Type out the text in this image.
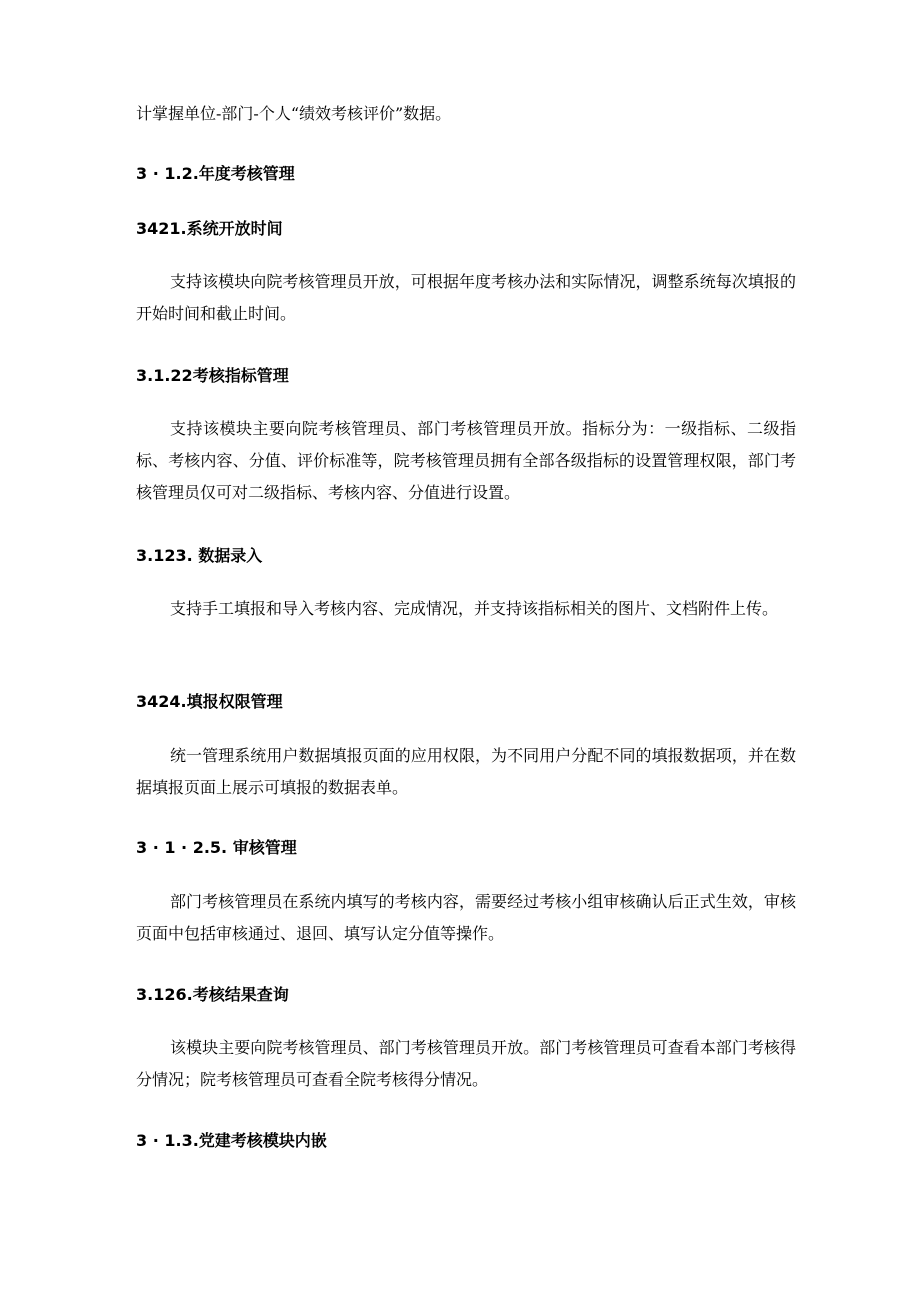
计掌握单位-部门-个人“绩效考核评价”数据。

3 · 1.2.年度考核管理

3421.系统开放时间

支持该模块向院考核管理员开放，可根据年度考核办法和实际情况，调整系统每次填报的开始时间和截止时间。

3.1.22考核指标管理

支持该模块主要向院考核管理员、部门考核管理员开放。指标分为：一级指标、二级指标、考核内容、分值、评价标准等，院考核管理员拥有全部各级指标的设置管理权限，部门考核管理员仅可对二级指标、考核内容、分值进行设置。

3.123. 数据录入

支持手工填报和导入考核内容、完成情况，并支持该指标相关的图片、文档附件上传。

3424.填报权限管理

统一管理系统用户数据填报页面的应用权限，为不同用户分配不同的填报数据项，并在数据填报页面上展示可填报的数据表单。

3 · 1 · 2.5. 审核管理

部门考核管理员在系统内填写的考核内容，需要经过考核小组审核确认后正式生效，审核页面中包括审核通过、退回、填写认定分值等操作。

3.126.考核结果查询

该模块主要向院考核管理员、部门考核管理员开放。部门考核管理员可查看本部门考核得分情况；院考核管理员可查看全院考核得分情况。

3 · 1.3.党建考核模块内嵌
